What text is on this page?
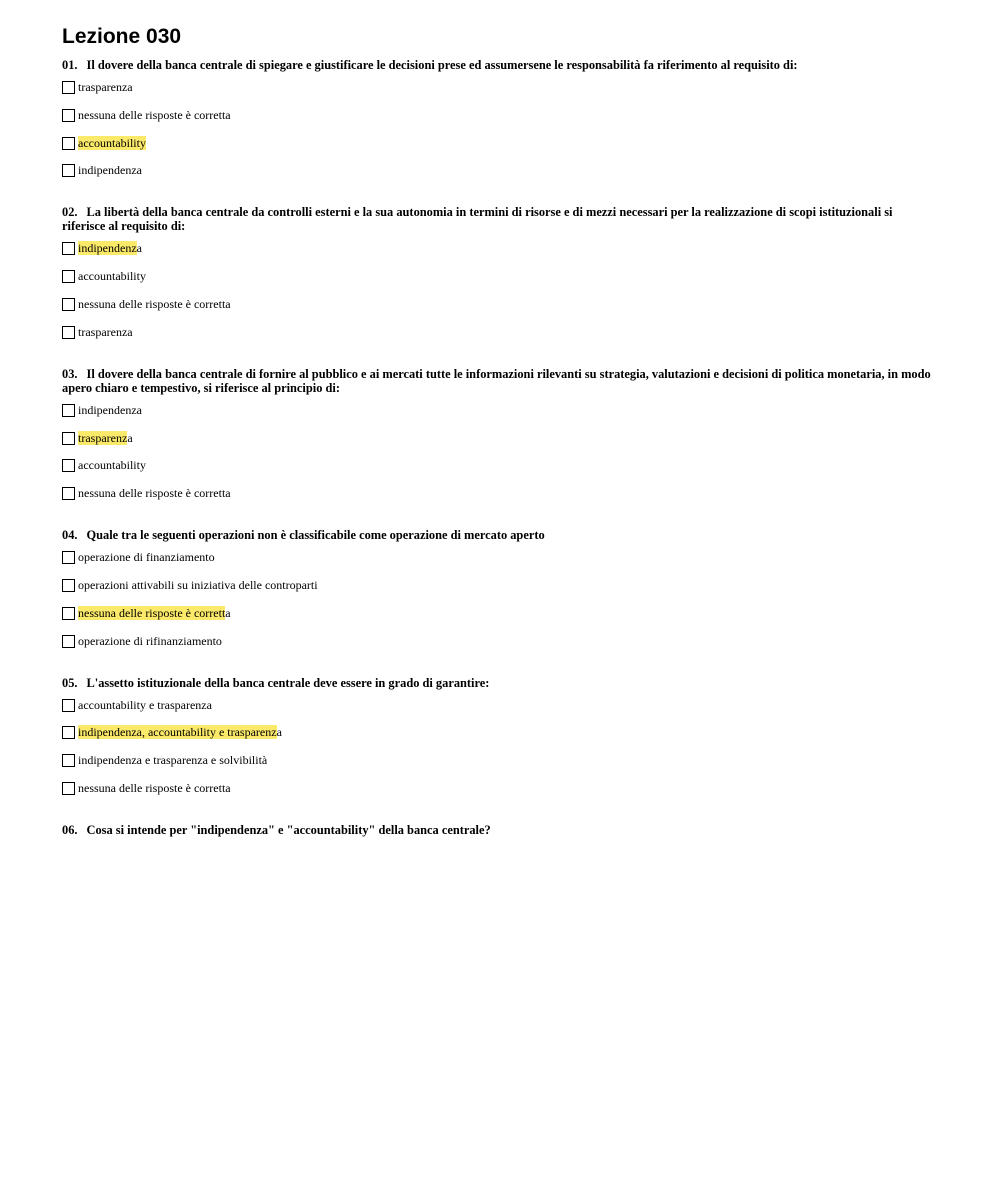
Lezione 030

01. Il dovere della banca centrale di spiegare e giustificare le decisioni prese ed assumersene le responsabilità fa riferimento al requisito di:

trasparenza
nessuna delle risposte è corretta
accountability
indipendenza

02. La libertà della banca centrale da controlli esterni e la sua autonomia in termini di risorse e di mezzi necessari per la realizzazione di scopi istituzionali si riferisce al requisito di:

indipendenza
accountability
nessuna delle risposte è corretta
trasparenza

03. Il dovere della banca centrale di fornire al pubblico e ai mercati tutte le informazioni rilevanti su strategia, valutazioni e decisioni di politica monetaria, in modo apero chiaro e tempestivo, si riferisce al principio di:

indipendenza
trasparenza
accountability
nessuna delle risposte è corretta

04. Quale tra le seguenti operazioni non è classificabile come operazione di mercato aperto

operazione di finanziamento
operazioni attivabili su iniziativa delle controparti
nessuna delle risposte è corretta
operazione di rifinanziamento

05. L'assetto istituzionale della banca centrale deve essere in grado di garantire:

accountability e trasparenza
indipendenza, accountability e trasparenza
indipendenza e trasparenza e solvibilità
nessuna delle risposte è corretta

06. Cosa si intende per "indipendenza" e "accountability" della banca centrale?
